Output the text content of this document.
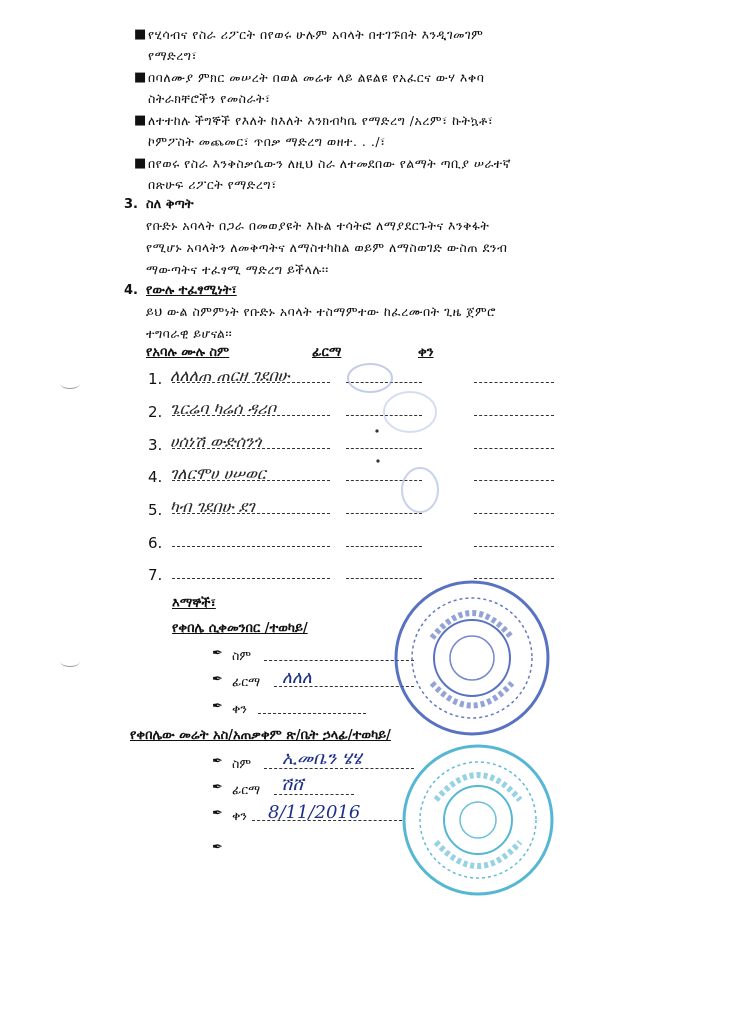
■ የሂሳብና የስራ ሪፖርት በየወሩ ሁሉም አባላት በተገኙበት እንዲገመገም
የማድረግ፣
■ በባለሙያ ምክር መሠረት በወል መሬቱ ላይ ልዩልዩ የአፈርና ውሃ እቀባ
ስትራክቸሮችን የመስራት፣
■ ለተተከሉ ችግኞች የእለት ከእለት እንክብካቤ የማድረግ /አረም፣ ኩትኳቶ፣
ኮምፖስት መጨመር፣ ጥበቃ ማድረግ ወዘተ. . ./፣
■ በየወሩ የስራ እንቅስቃሴውን ለዚህ ስራ ለተመደበው የልማት ጣቢያ ሠራተኛ
በጽሁፍ ሪፖርት የማድረግ፣
3. ስለ ቅጣት
የቡድኑ አባላት በጋራ በመወያዩት እኩል ተሳትፎ ለማያደርጉትና እንቅፋት
የሚሆኑ አባላትን ለመቅጣትና ለማስተካከል ወይም ለማስወገድ ውስጠ ደንብ
ማውጣትና ተፈፃሚ ማድረግ ይችላሉ፡፡
4. የውሉ ተፈፃሚነት፣
ይህ ውል ስምምነት የቡድኑ አባላት ተስማምተው ከፈረሙበት ጊዜ ጀምሮ
ተግባራዊ ይሆናል፡፡
የአባሉ ሙሉ ስም	ፊርማ	ቀን
1. ለለለጠ ጠርዘ ገደበሁ
2. ጌርሬባ ካሬሰ ዳሪቦ
3. ሀሰነሽ ውድሰንጎ
4. ገለርሞሀ ሀሠወር
5. ካብ ገደበሁ ደገ
6.
7.
እማኞች፣
የቀበሌ ሲቀመንበር /ተወካይ/
✒ ስም
✒ ፊርማ ለለለ
✒ ቀን
የቀበሌው መሬት አስ/አጠቃቀም ጽ/ቤት ኃላፊ/ተወካይ/
✒ ስም ኢመቤን ሄሄ
✒ ፊርማ ሽሸ
✒ ቀን 8/11/2016
✒
